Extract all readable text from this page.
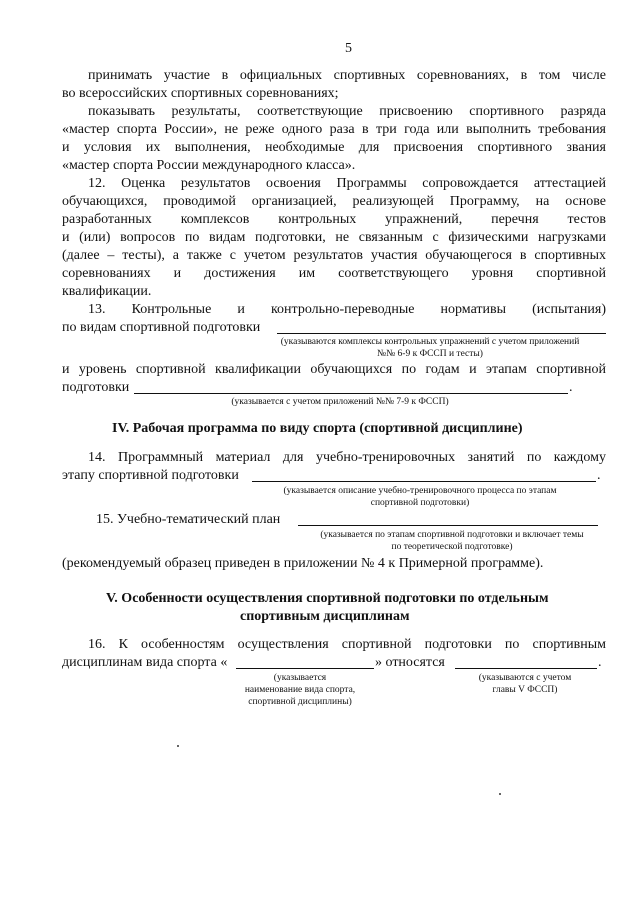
5
принимать участие в официальных спортивных соревнованиях, в том числе
во всероссийских спортивных соревнованиях;
показывать результаты, соответствующие присвоению спортивного разряда
«мастер спорта России», не реже одного раза в три года или выполнить требования
и условия их выполнения, необходимые для присвоения спортивного звания
«мастер спорта России международного класса».
12. Оценка результатов освоения Программы сопровождается аттестацией
обучающихся, проводимой организацией, реализующей Программу, на основе
разработанных комплексов контрольных упражнений, перечня тестов
и (или) вопросов по видам подготовки, не связанным с физическими нагрузками
(далее – тесты), а также с учетом результатов участия обучающегося в спортивных
соревнованиях и достижения им соответствующего уровня спортивной
квалификации.
13. Контрольные и контрольно-переводные нормативы (испытания)
по видам спортивной подготовки
(указываются комплексы контрольных упражнений с учетом приложений
№№ 6-9 к ФССП и тесты)
и уровень спортивной квалификации обучающихся по годам и этапам спортивной
подготовки	.
(указывается с учетом приложений №№ 7-9 к ФССП)
IV. Рабочая программа по виду спорта (спортивной дисциплине)
14. Программный материал для учебно-тренировочных занятий по каждому
этапу спортивной подготовки	.
(указывается описание учебно-тренировочного процесса по этапам
спортивной подготовки)
15. Учебно-тематический план
(указывается по этапам спортивной подготовки и включает темы
по теоретической подготовке)
(рекомендуемый образец приведен в приложении № 4 к Примерной программе).
V. Особенности осуществления спортивной подготовки по отдельным
спортивным дисциплинам
16. К особенностям осуществления спортивной подготовки по спортивным
дисциплинам вида спорта «	» относятся	.
(указывается
наименование вида спорта,
спортивной дисциплины)
(указываются с учетом
главы V ФССП)
